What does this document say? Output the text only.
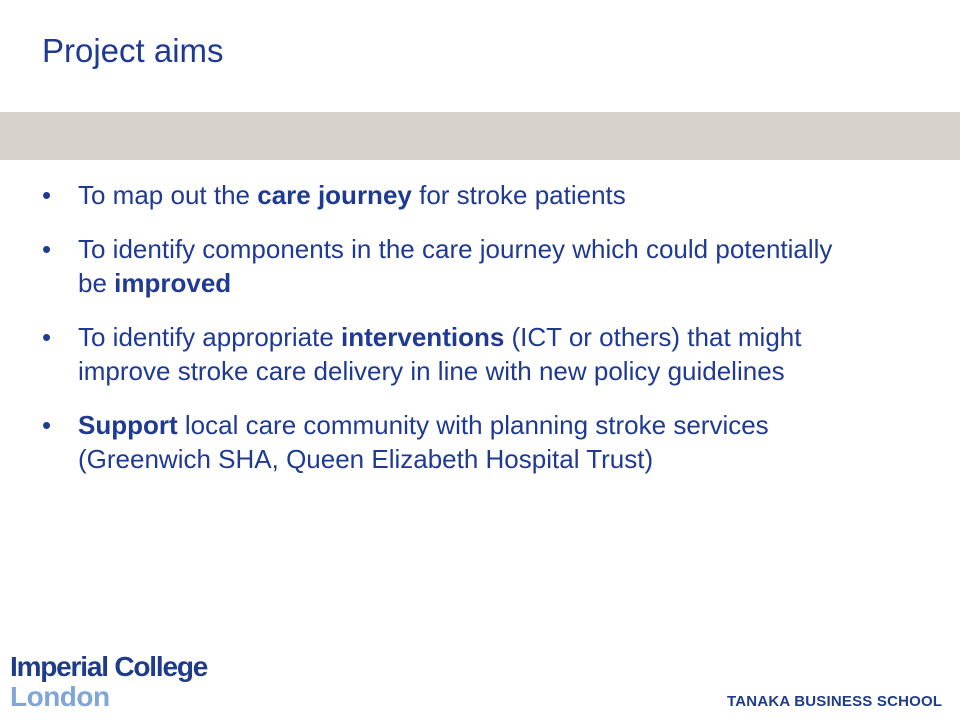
Project aims
•	To map out the care journey for stroke patients
•	To identify components in the care journey which could potentially be improved
•	To identify appropriate interventions (ICT or others) that might improve stroke care delivery in line with new policy guidelines
•	Support local care community with planning stroke services (Greenwich SHA, Queen Elizabeth Hospital Trust)
Imperial College
London	TANAKA BUSINESS SCHOOL
